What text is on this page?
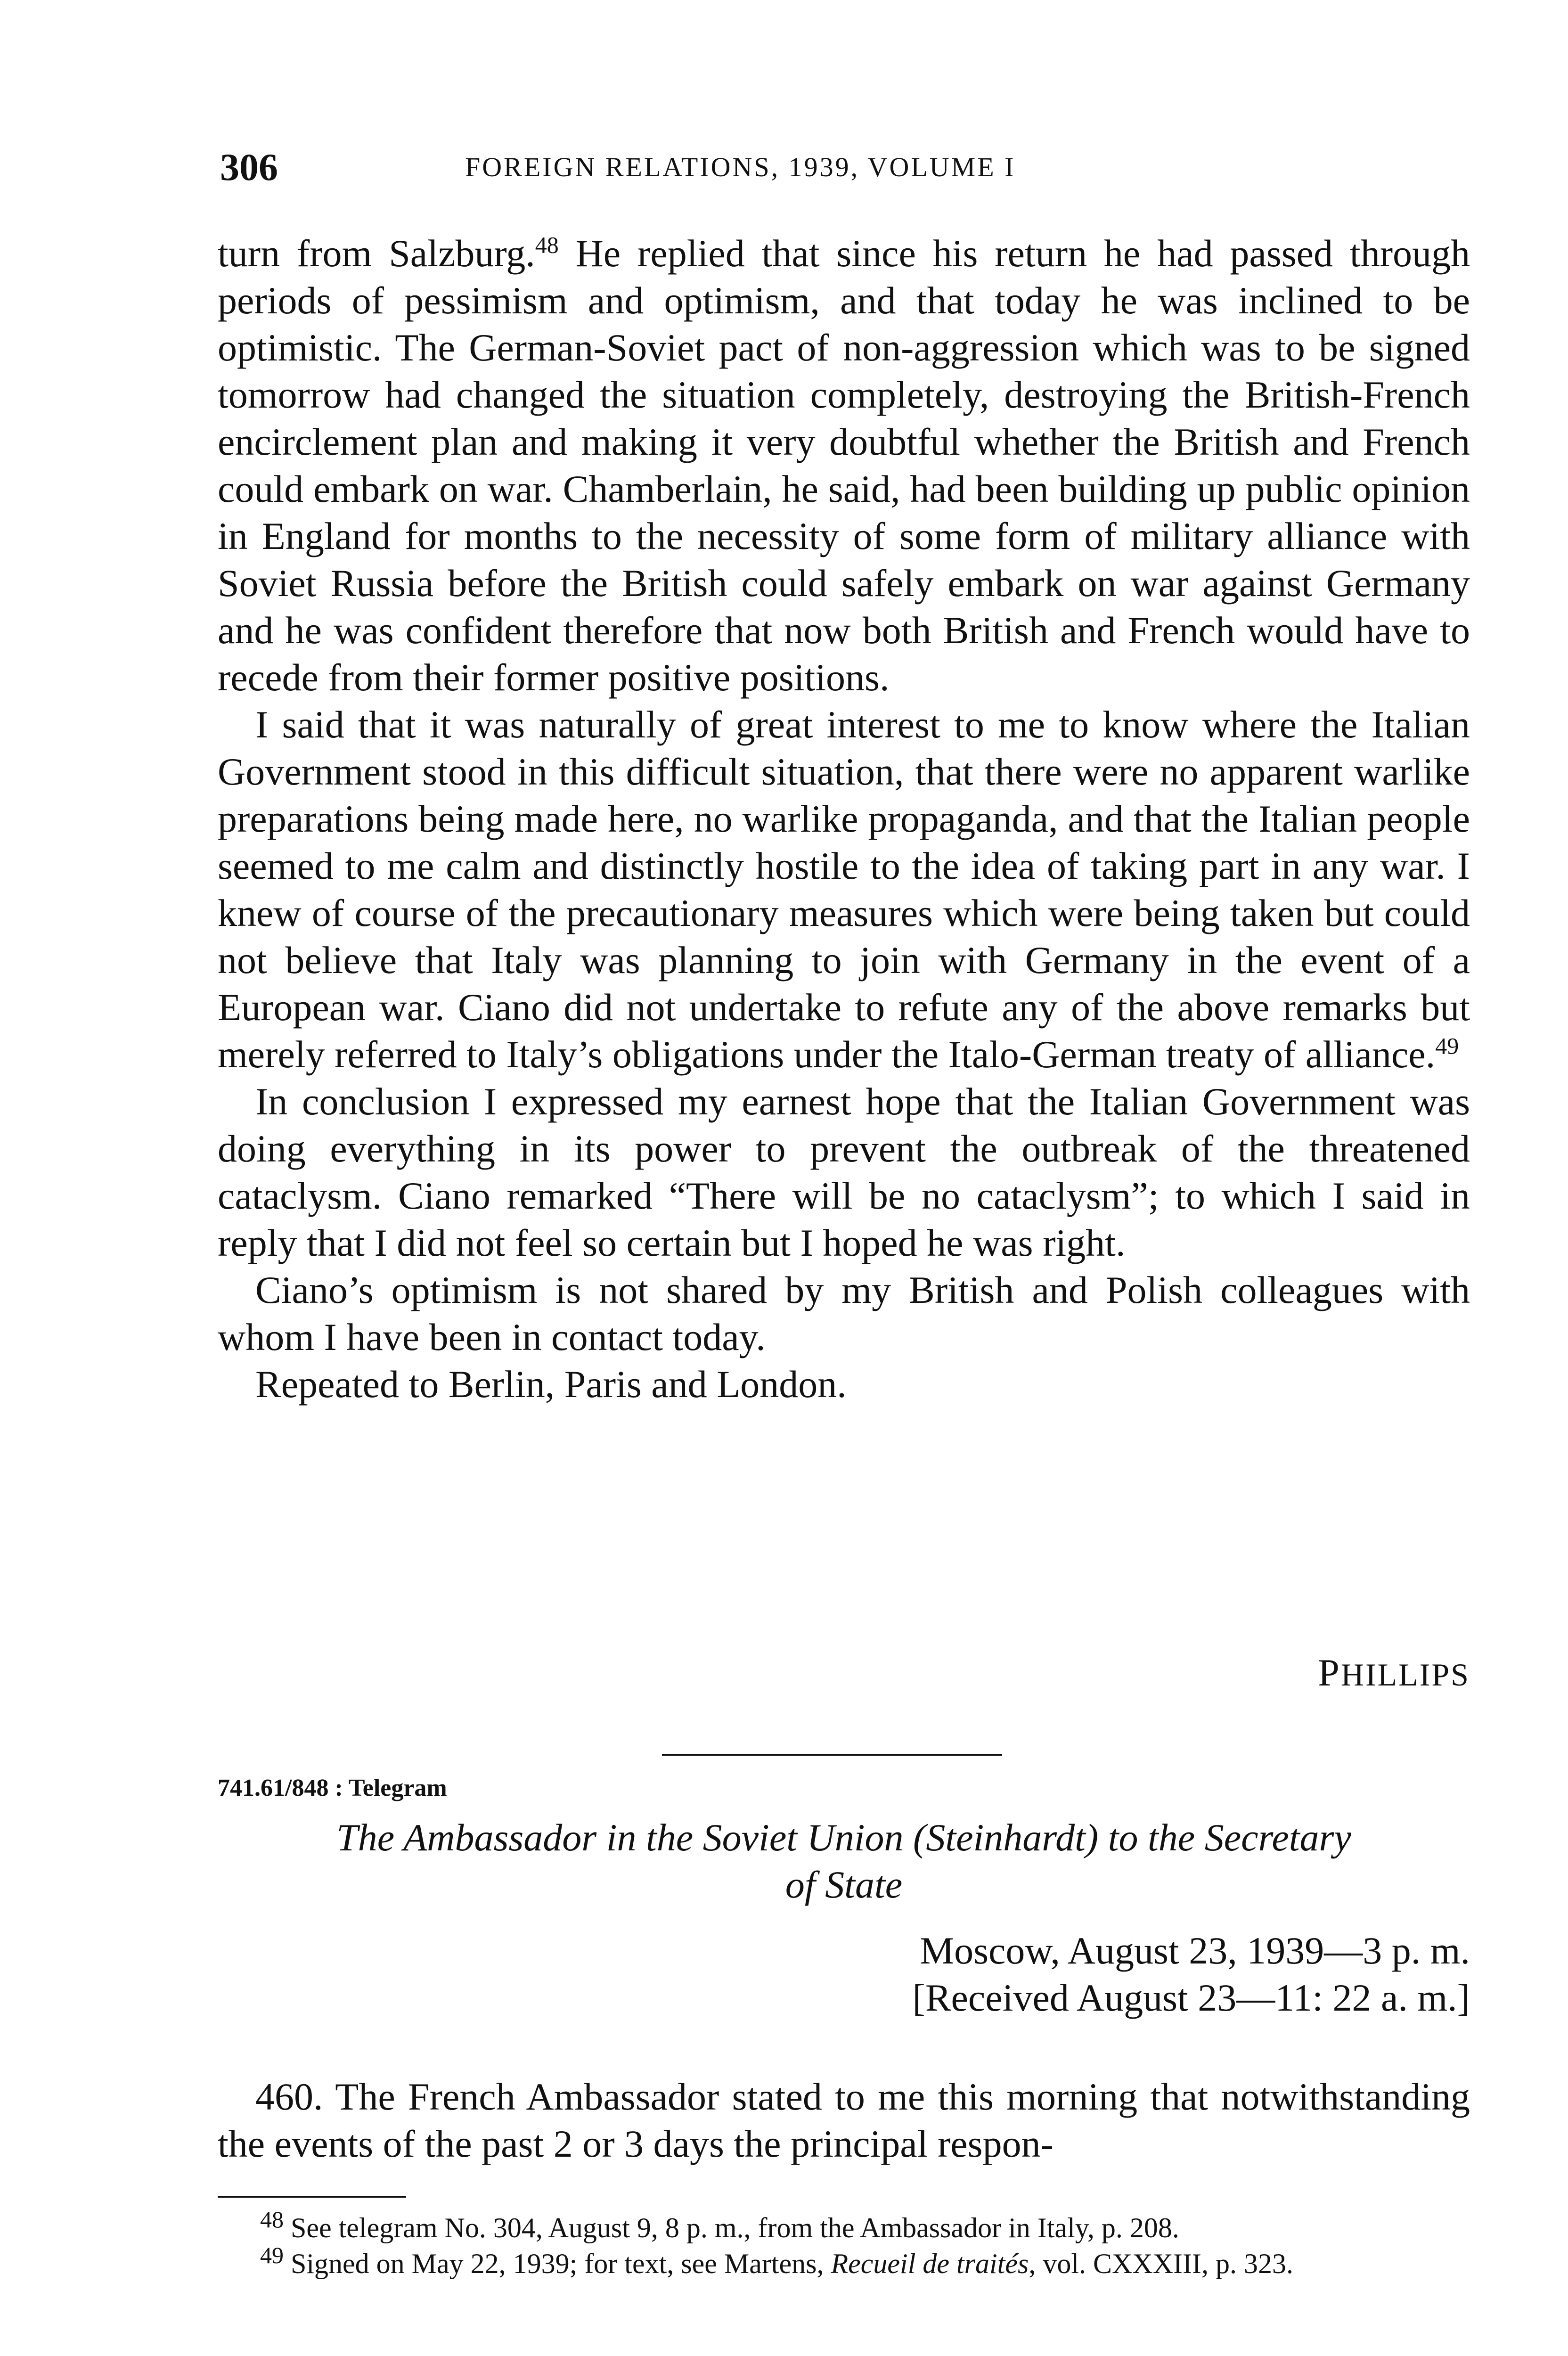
306	FOREIGN RELATIONS, 1939, VOLUME I

turn from Salzburg.$^{48}$ He replied that since his return he had passed through periods of pessimism and optimism, and that today he was inclined to be optimistic. The German-Soviet pact of non-aggression which was to be signed tomorrow had changed the situation completely, destroying the British-French encirclement plan and making it very doubtful whether the British and French could embark on war. Chamberlain, he said, had been building up public opinion in England for months to the necessity of some form of military alliance with Soviet Russia before the British could safely embark on war against Germany and he was confident therefore that now both British and French would have to recede from their former positive positions.

I said that it was naturally of great interest to me to know where the Italian Government stood in this difficult situation, that there were no apparent warlike preparations being made here, no warlike propaganda, and that the Italian people seemed to me calm and distinctly hostile to the idea of taking part in any war. I knew of course of the precautionary measures which were being taken but could not believe that Italy was planning to join with Germany in the event of a European war. Ciano did not undertake to refute any of the above remarks but merely referred to Italy’s obligations under the Italo-German treaty of alliance.$^{49}$

In conclusion I expressed my earnest hope that the Italian Government was doing everything in its power to prevent the outbreak of the threatened cataclysm. Ciano remarked “There will be no cataclysm”; to which I said in reply that I did not feel so certain but I hoped he was right.

Ciano’s optimism is not shared by my British and Polish colleagues with whom I have been in contact today.

Repeated to Berlin, Paris and London.

PHILLIPS
741.61/848 : Telegram
The Ambassador in the Soviet Union (Steinhardt) to the Secretary
of State
Moscow, August 23, 1939—3 p. m.
[Received August 23—11: 22 a. m.]

460. The French Ambassador stated to me this morning that notwithstanding the events of the past 2 or 3 days the principal respon-

$^{48}$ See telegram No. 304, August 9, 8 p. m., from the Ambassador in Italy, p. 208.

$^{49}$ Signed on May 22, 1939; for text, see Martens, Recueil de traités, vol. CXXXIII, p. 323.
